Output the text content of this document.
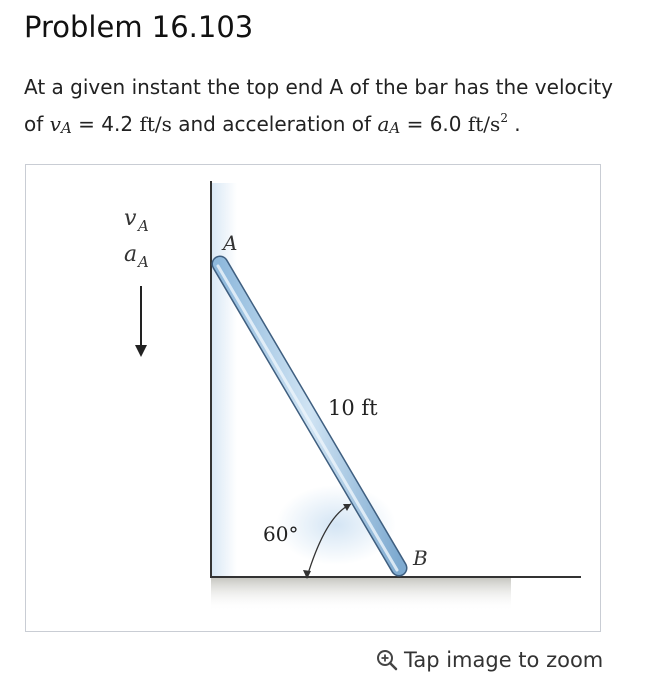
Problem 16.103

At a given instant the top end A of the bar has the velocity
of vA = 4.2 ft/s and acceleration of aA = 6.0 $ft/s^2$ .

v A
a A
A
B
10 ft
60°
Tap image to zoom
